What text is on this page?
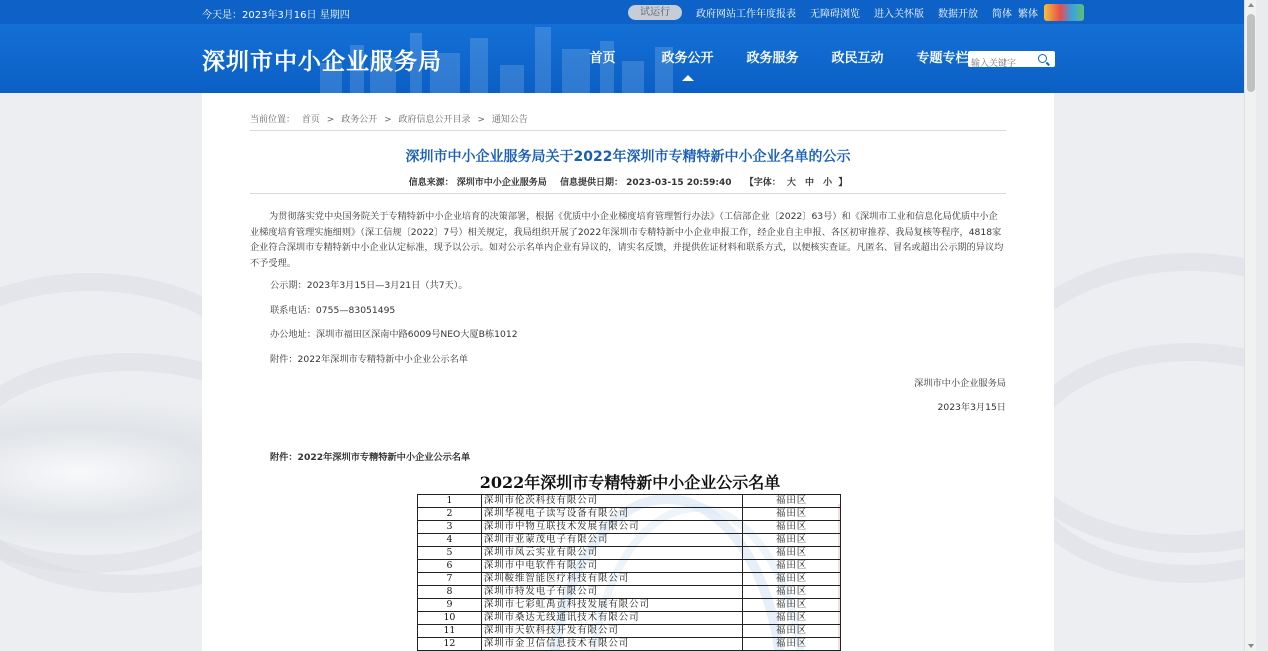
今天是：2023年3月16日 星期四	试运行	政府网站工作年度报表 无障碍浏览 进入关怀版 数据开放 简体 繁体
深圳市中小企业服务局	首页	政务公开	政务服务	政民互动	专题专栏
输入关键字
当前位置： 首页 > 政务公开 > 政府信息公开目录 > 通知公告
深圳市中小企业服务局关于2022年深圳市专精特新中小企业名单的公示
信息来源： 深圳市中小企业服务局 信息提供日期： 2023-03-15 20:59:40 【字体： 大 中 小 】
为贯彻落实党中央国务院关于专精特新中小企业培育的决策部署，根据《优质中小企业梯度培育管理暂行办法》（工信部企业〔2022〕63号）和《深圳市工业和信息化局优质中小企业梯度培育管理实施细则》（深工信规〔2022〕7号）相关规定，我局组织开展了2022年深圳市专精特新中小企业申报工作，经企业自主申报、各区初审推荐、我局复核等程序，4818家企业符合深圳市专精特新中小企业认定标准，现予以公示。如对公示名单内企业有异议的，请实名反馈，并提供佐证材料和联系方式，以便核实查证。凡匿名、冒名或超出公示期的异议均不予受理。
公示期：2023年3月15日—3月21日（共7天）。
联系电话：0755—83051495
办公地址：深圳市福田区深南中路6009号NEO大厦B栋1012
附件：2022年深圳市专精特新中小企业公示名单
深圳市中小企业服务局
2023年3月15日
附件：2022年深圳市专精特新中小企业公示名单
2022年深圳市专精特新中小企业公示名单
1	深圳市伦茨科技有限公司	福田区
2	深圳华视电子读写设备有限公司	福田区
3	深圳市中物互联技术发展有限公司	福田区
4	深圳市亚蒙茂电子有限公司	福田区
5	深圳市凤云实业有限公司	福田区
6	深圳市中电软件有限公司	福田区
7	深圳鞍维智能医疗科技有限公司	福田区
8	深圳市特发电子有限公司	福田区
9	深圳市七彩虹禹贡科技发展有限公司	福田区
10	深圳市桑达无线通讯技术有限公司	福田区
11	深圳市天软科技开发有限公司	福田区
12	深圳市金卫信信息技术有限公司	福田区
